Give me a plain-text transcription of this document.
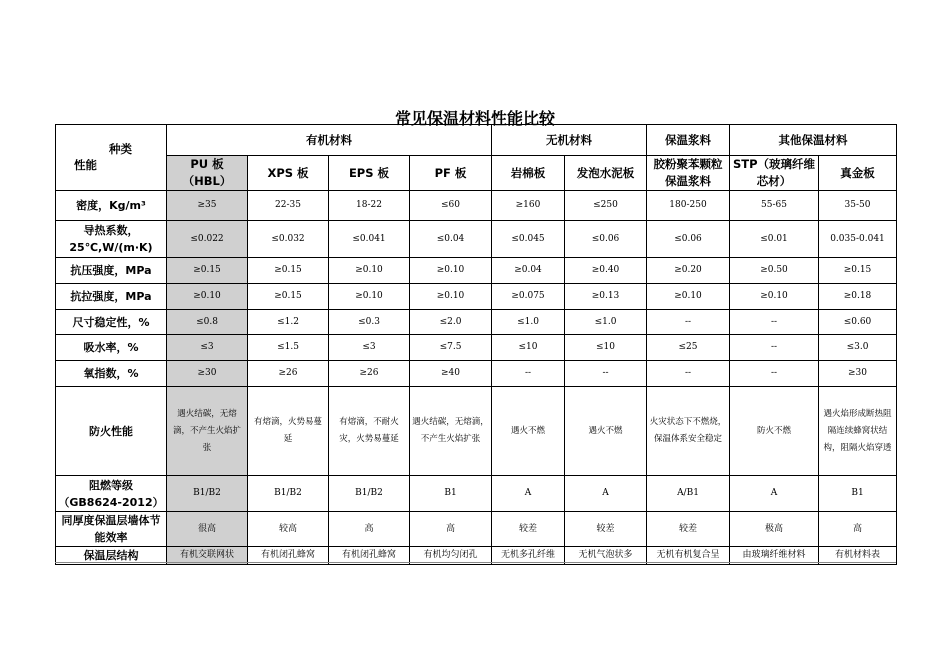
常见保温材料性能比较
种类
性能	有机材料				无机材料		保温浆料	其他保温材料	
	PU 板（HBL）	XPS 板	EPS 板	PF 板	岩棉板	发泡水泥板	胶粉聚苯颗粒保温浆料	STP（玻璃纤维芯材）	真金板
密度，Kg/m³	≥35	22-35	18-22	≤60	≥160	≤250	180-250	55-65	35-50
导热系数，25℃,W/(m·K)	≤0.022	≤0.032	≤0.041	≤0.04	≤0.045	≤0.06	≤0.06	≤0.01	0.035-0.041
抗压强度，MPa	≥0.15	≥0.15	≥0.10	≥0.10	≥0.04	≥0.40	≥0.20	≥0.50	≥0.15
抗拉强度，MPa	≥0.10	≥0.15	≥0.10	≥0.10	≥0.075	≥0.13	≥0.10	≥0.10	≥0.18
尺寸稳定性，%	≤0.8	≤1.2	≤0.3	≤2.0	≤1.0	≤1.0	--	--	≤0.60
吸水率，%	≤3	≤1.5	≤3	≤7.5	≤10	≤10	≤25	--	≤3.0
氧指数，%	≥30	≥26	≥26	≥40	--	--	--	--	≥30
防火性能	遇火结碳，无熔滴，不产生火焰扩张	有熔滴，火势易蔓延	有熔滴，不耐火灾，火势易蔓延	遇火结碳，无熔滴，不产生火焰扩张	遇火不燃	遇火不燃	火灾状态下不燃烧，保温体系安全稳定	防火不燃	遇火焰形成断热阻隔连续蜂窝状结构，阻隔火焰穿透
阻燃等级（GB8624-2012）	B1/B2	B1/B2	B1/B2	B1	A	A	A/B1	A	B1
同厚度保温层墙体节能效率	很高	较高	高	高	较差	较差	较差	极高	高
保温层结构	有机交联网状	有机闭孔蜂窝	有机闭孔蜂窝	有机均匀闭孔	无机多孔纤维	无机气泡状多	无机有机复合呈	由玻璃纤维材料	有机材料表
